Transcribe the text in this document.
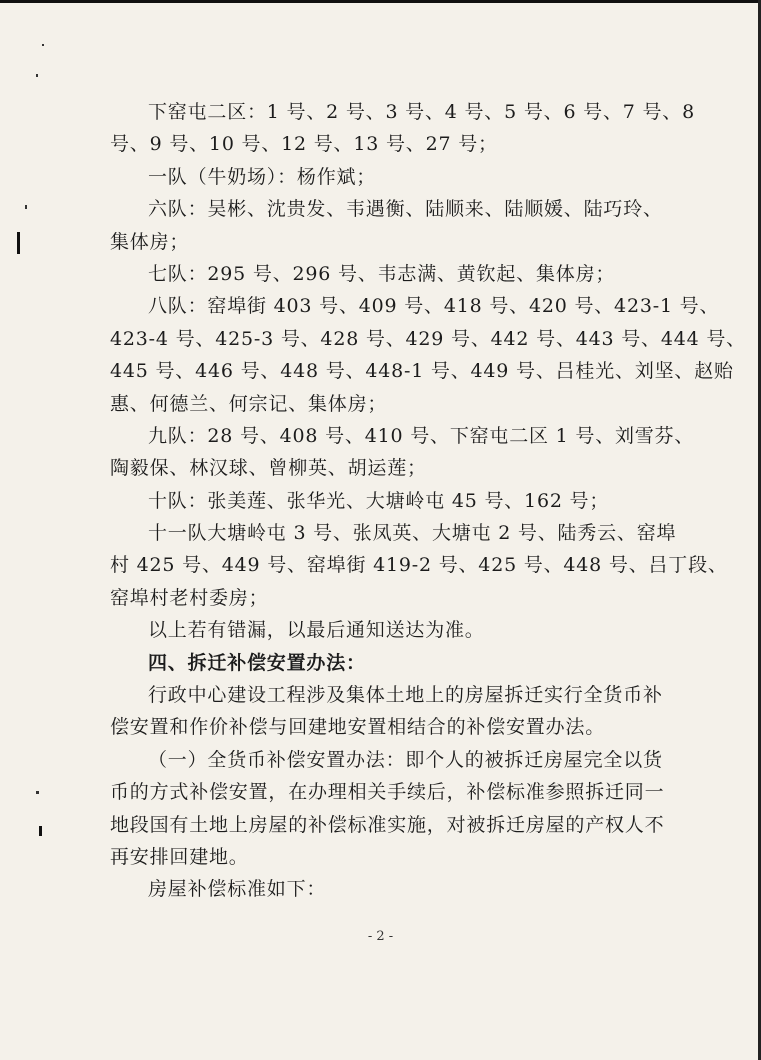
下窑屯二区：1 号、2 号、3 号、4 号、5 号、6 号、7 号、8
号、9 号、10 号、12 号、13 号、27 号；
一队（牛奶场）：杨作斌；
六队：吴彬、沈贵发、韦遇衡、陆顺来、陆顺媛、陆巧玲、
集体房；
七队：295 号、296 号、韦志满、黄钦起、集体房；
八队：窑埠街 403 号、409 号、418 号、420 号、423-1 号、
423-4 号、425-3 号、428 号、429 号、442 号、443 号、444 号、
445 号、446 号、448 号、448-1 号、449 号、吕桂光、刘坚、赵贻
惠、何德兰、何宗记、集体房；
九队：28 号、408 号、410 号、下窑屯二区 1 号、刘雪芬、
陶毅保、林汉球、曾柳英、胡运莲；
十队：张美莲、张华光、大塘岭屯 45 号、162 号；
十一队大塘岭屯 3 号、张凤英、大塘屯 2 号、陆秀云、窑埠
村 425 号、449 号、窑埠街 419-2 号、425 号、448 号、吕丁段、
窑埠村老村委房；
以上若有错漏，以最后通知送达为准。
四、拆迁补偿安置办法：
行政中心建设工程涉及集体土地上的房屋拆迁实行全货币补
偿安置和作价补偿与回建地安置相结合的补偿安置办法。
（一）全货币补偿安置办法：即个人的被拆迁房屋完全以货
币的方式补偿安置，在办理相关手续后，补偿标准参照拆迁同一
地段国有土地上房屋的补偿标准实施，对被拆迁房屋的产权人不
再安排回建地。
房屋补偿标准如下：
- 2 -
